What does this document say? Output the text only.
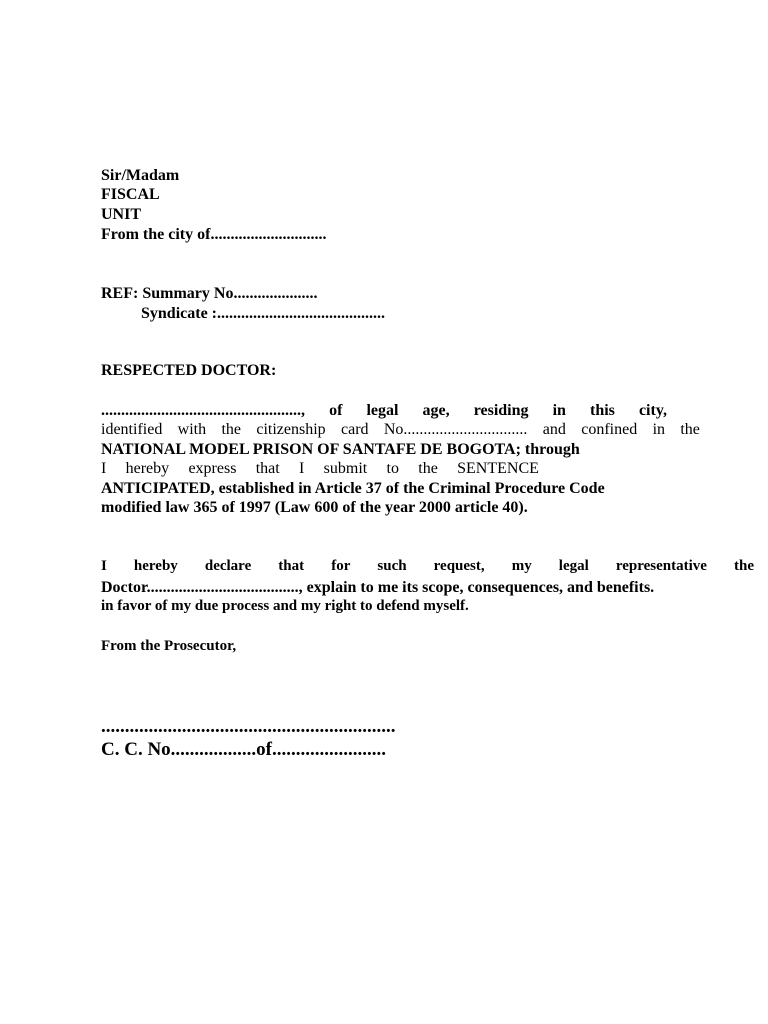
Sir/Madam
FISCAL
UNIT
From the city of.............................
REF: Summary No.....................
Syndicate :..........................................
RESPECTED DOCTOR:
.................................................., of legal age, residing in this city,
identified with the citizenship card No............................... and confined in the
NATIONAL MODEL PRISON OF SANTAFE DE BOGOTA; through
I hereby express that I submit to the SENTENCE
ANTICIPATED, established in Article 37 of the Criminal Procedure Code
modified law 365 of 1997 (Law 600 of the year 2000 article 40).
I hereby declare that for such request, my legal representative the
Doctor......................................, explain to me its scope, consequences, and benefits.
in favor of my due process and my right to defend myself.
From the Prosecutor,
..............................................................
C. C. No..................of........................
